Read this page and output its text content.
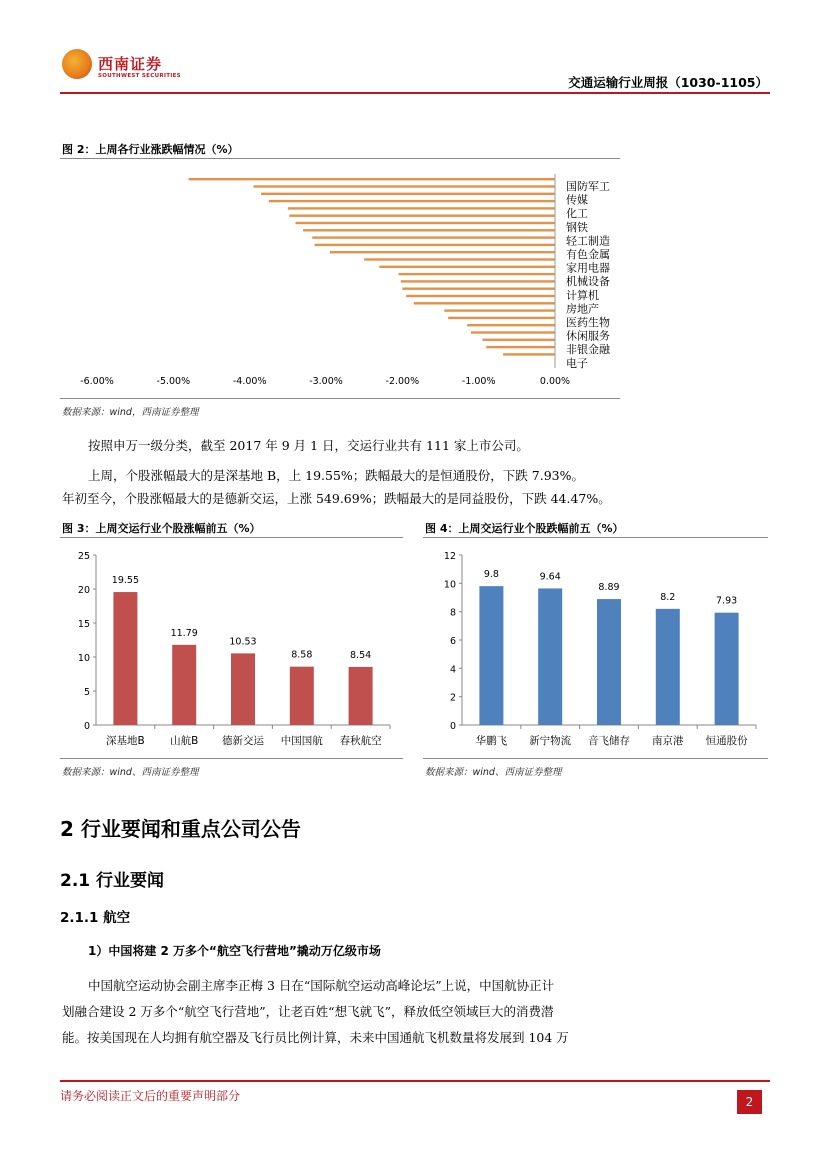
西南证券
SOUTHWEST SECURITIES	交通运输行业周报（1030-1105）
图 2：上周各行业涨跌幅情况（%）
国防军工
传媒
化工
钢铁
轻工制造
有色金属
家用电器
机械设备
计算机
房地产
医药生物
休闲服务
非银金融
电子
-6.00%	-5.00%	-4.00%	-3.00%	-2.00%	-1.00%	0.00%
数据来源：wind，西南证券整理
按照申万一级分类，截至 2017 年 9 月 1 日，交运行业共有 111 家上市公司。
上周，个股涨幅最大的是深基地 B，上 19.55%；跌幅最大的是恒通股份，下跌 7.93%。
年初至今，个股涨幅最大的是德新交运，上涨 549.69%；跌幅最大的是同益股份，下跌 44.47%。
图 3：上周交运行业个股涨幅前五（%）
0
5
10
15
20
25
19.55
深基地B
11.79
山航B
10.53
德新交运
8.58
中国国航
8.54
春秋航空
数据来源：wind、西南证券整理
图 4：上周交运行业个股跌幅前五（%）
0
2
4
6
8
10
12
9.8
华鹏飞
9.64
新宁物流
8.89
音飞储存
8.2
南京港
7.93
恒通股份
数据来源：wind、西南证券整理
2 行业要闻和重点公司公告
2.1 行业要闻
2.1.1 航空
1）中国将建 2 万多个“航空飞行营地”撬动万亿级市场
中国航空运动协会副主席李正梅 3 日在“国际航空运动高峰论坛”上说，中国航协正计
划融合建设 2 万多个“航空飞行营地”，让老百姓“想飞就飞”，释放低空领域巨大的消费潜
能。按美国现在人均拥有航空器及飞行员比例计算，未来中国通航飞机数量将发展到 104 万
请务必阅读正文后的重要声明部分	2
